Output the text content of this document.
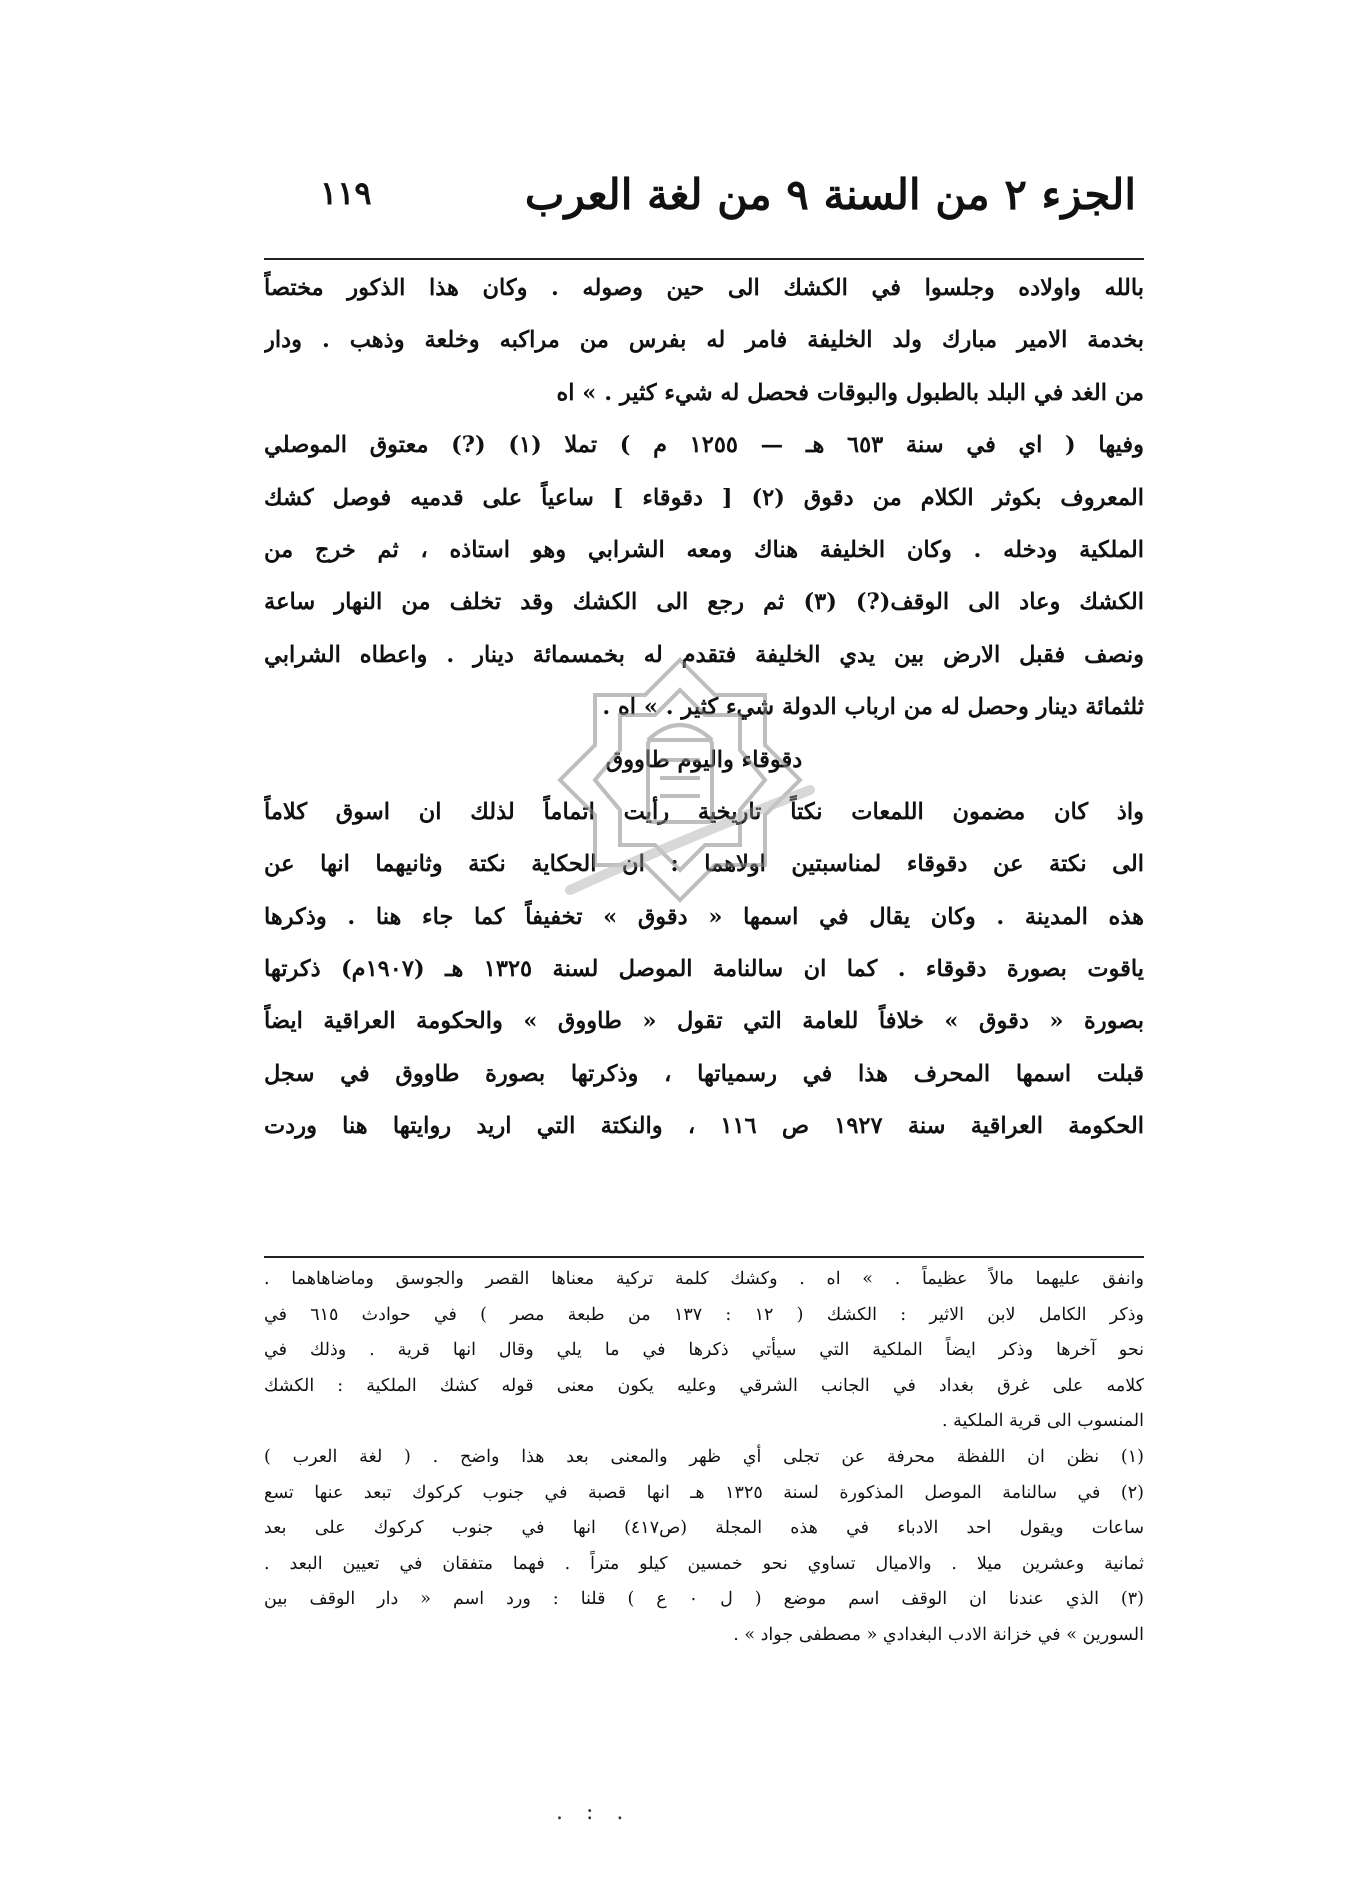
الجزء ٢ من السنة ٩ من لغة العرب
١١٩
بالله واولاده وجلسوا في الكشك الى حين وصوله . وكان هذا الذكور مختصاً
بخدمة الامير مبارك ولد الخليفة فامر له بفرس من مراكبه وخلعة وذهب . ودار
من الغد في البلد بالطبول والبوقات فحصل له شيء كثير . » اه
وفيها ( اي في سنة ٦٥٣ هـ — ١٢٥٥ م ) تملا (١) (?) معتوق الموصلي
المعروف بكوثر الكلام من دقوق (٢) [ دقوقاء ] ساعياً على قدميه فوصل كشك
الملكية ودخله . وكان الخليفة هناك ومعه الشرابي وهو استاذه ، ثم خرج من
الكشك وعاد الى الوقف(?) (٣) ثم رجع الى الكشك وقد تخلف من النهار ساعة
ونصف فقبل الارض بين يدي الخليفة فتقدم له بخمسمائة دينار . واعطاه الشرابي
ثلثمائة دينار وحصل له من ارباب الدولة شيء كثير . » اه .
دقوقاء واليوم طاووق
واذ كان مضمون اللمعات نكتاً تاريخية رأيت اتماماً لذلك ان اسوق كلاماً
الى نكتة عن دقوقاء لمناسبتين اولاهما : ان الحكاية نكتة وثانيهما انها عن
هذه المدينة . وكان يقال في اسمها « دقوق » تخفيفاً كما جاء هنا . وذكرها
ياقوت بصورة دقوقاء . كما ان سالنامة الموصل لسنة ١٣٢٥ هـ (١٩٠٧م) ذكرتها
بصورة « دقوق » خلافاً للعامة التي تقول « طاووق » والحكومة العراقية ايضاً
قبلت اسمها المحرف هذا في رسمياتها ، وذكرتها بصورة طاووق في سجل
الحكومة العراقية سنة ١٩٢٧ ص ١١٦ ، والنكتة التي اريد روايتها هنا وردت
وانفق عليهما مالاً عظيماً . » اه . وكشك كلمة تركية معناها القصر والجوسق وماضاهاهما .
وذكر الكامل لابن الاثير : الكشك ( ١٢ : ١٣٧ من طبعة مصر ) في حوادث ٦١٥ في
نحو آخرها وذكر ايضاً الملكية التي سيأتي ذكرها في ما يلي وقال انها قرية . وذلك في
كلامه على غرق بغداد في الجانب الشرقي وعليه يكون معنى قوله كشك الملكية : الكشك
المنسوب الى قرية الملكية .
(١) نظن ان اللفظة محرفة عن تجلى أي ظهر والمعنى بعد هذا واضح . ( لغة العرب )
(٢) في سالنامة الموصل المذكورة لسنة ١٣٢٥ هـ انها قصبة في جنوب كركوك تبعد عنها تسع
ساعات ويقول احد الادباء في هذه المجلة (ص٤١٧) انها في جنوب كركوك على بعد
ثمانية وعشرين ميلا . والاميال تساوي نحو خمسين كيلو متراً . فهما متفقان في تعيين البعد .
(٣) الذي عندنا ان الوقف اسم موضع ( ل ٠ ع ) قلنا : ورد اسم « دار الوقف بين
السورين » في خزانة الادب البغدادي « مصطفى جواد » .
. : .
